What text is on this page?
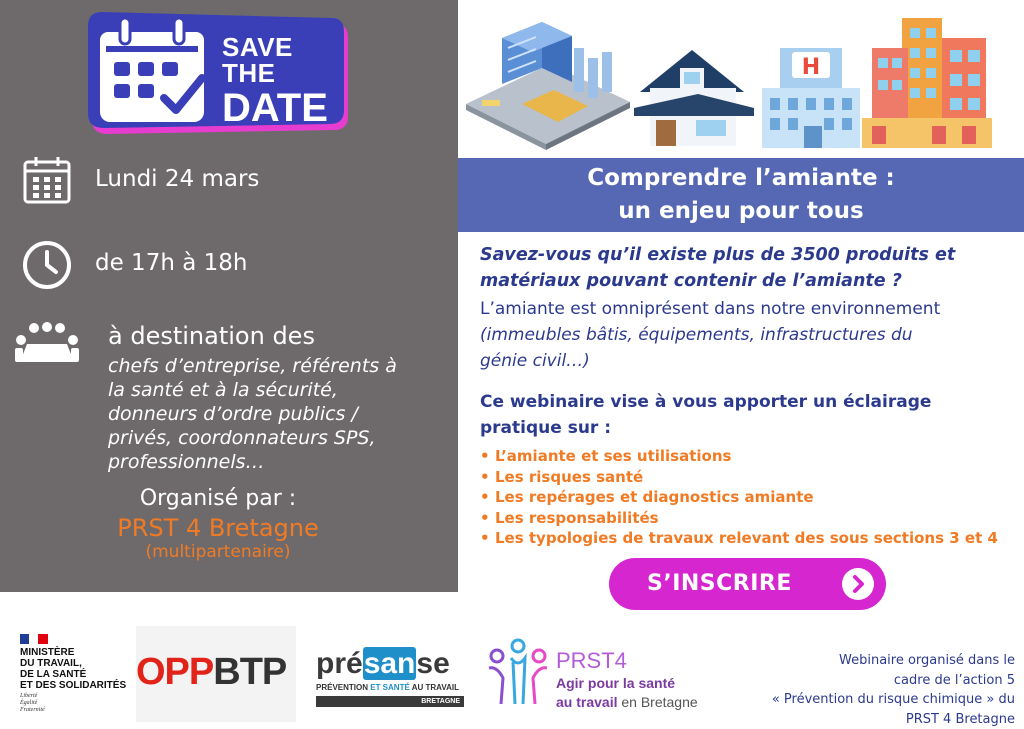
SAVE THE
DATE
Lundi 24 mars
de 17h à 18h
à destination des
chefs d’entreprise, référents à
la santé et à la sécurité,
donneurs d’ordre publics /
privés, coordonnateurs SPS,
professionnels…
Organisé par :
PRST 4 Bretagne
(multipartenaire)
H
Comprendre l’amiante :
un enjeu pour tous
Savez-vous qu’il existe plus de 3500 produits et
matériaux pouvant contenir de l’amiante ?
L’amiante est omniprésent dans notre environnement
(immeubles bâtis, équipements, infrastructures du
génie civil…)
Ce webinaire vise à vous apporter un éclairage
pratique sur :
• L’amiante et ses utilisations
• Les risques santé
• Les repérages et diagnostics amiante
• Les responsabilités
• Les typologies de travaux relevant des sous sections 3 et 4
S’INSCRIRE
MINISTÈRE
DU TRAVAIL,
DE LA SANTÉ
ET DES SOLIDARITÉS
Liberté
Égalité
Fraternité
OPPBTP présanse
PRÉVENTION ET SANTÉ AU TRAVAIL
BRETAGNE
PRST4
Agir pour la santé
au travail en Bretagne
Webinaire organisé dans le
cadre de l’action 5
« Prévention du risque chimique » du
PRST 4 Bretagne
